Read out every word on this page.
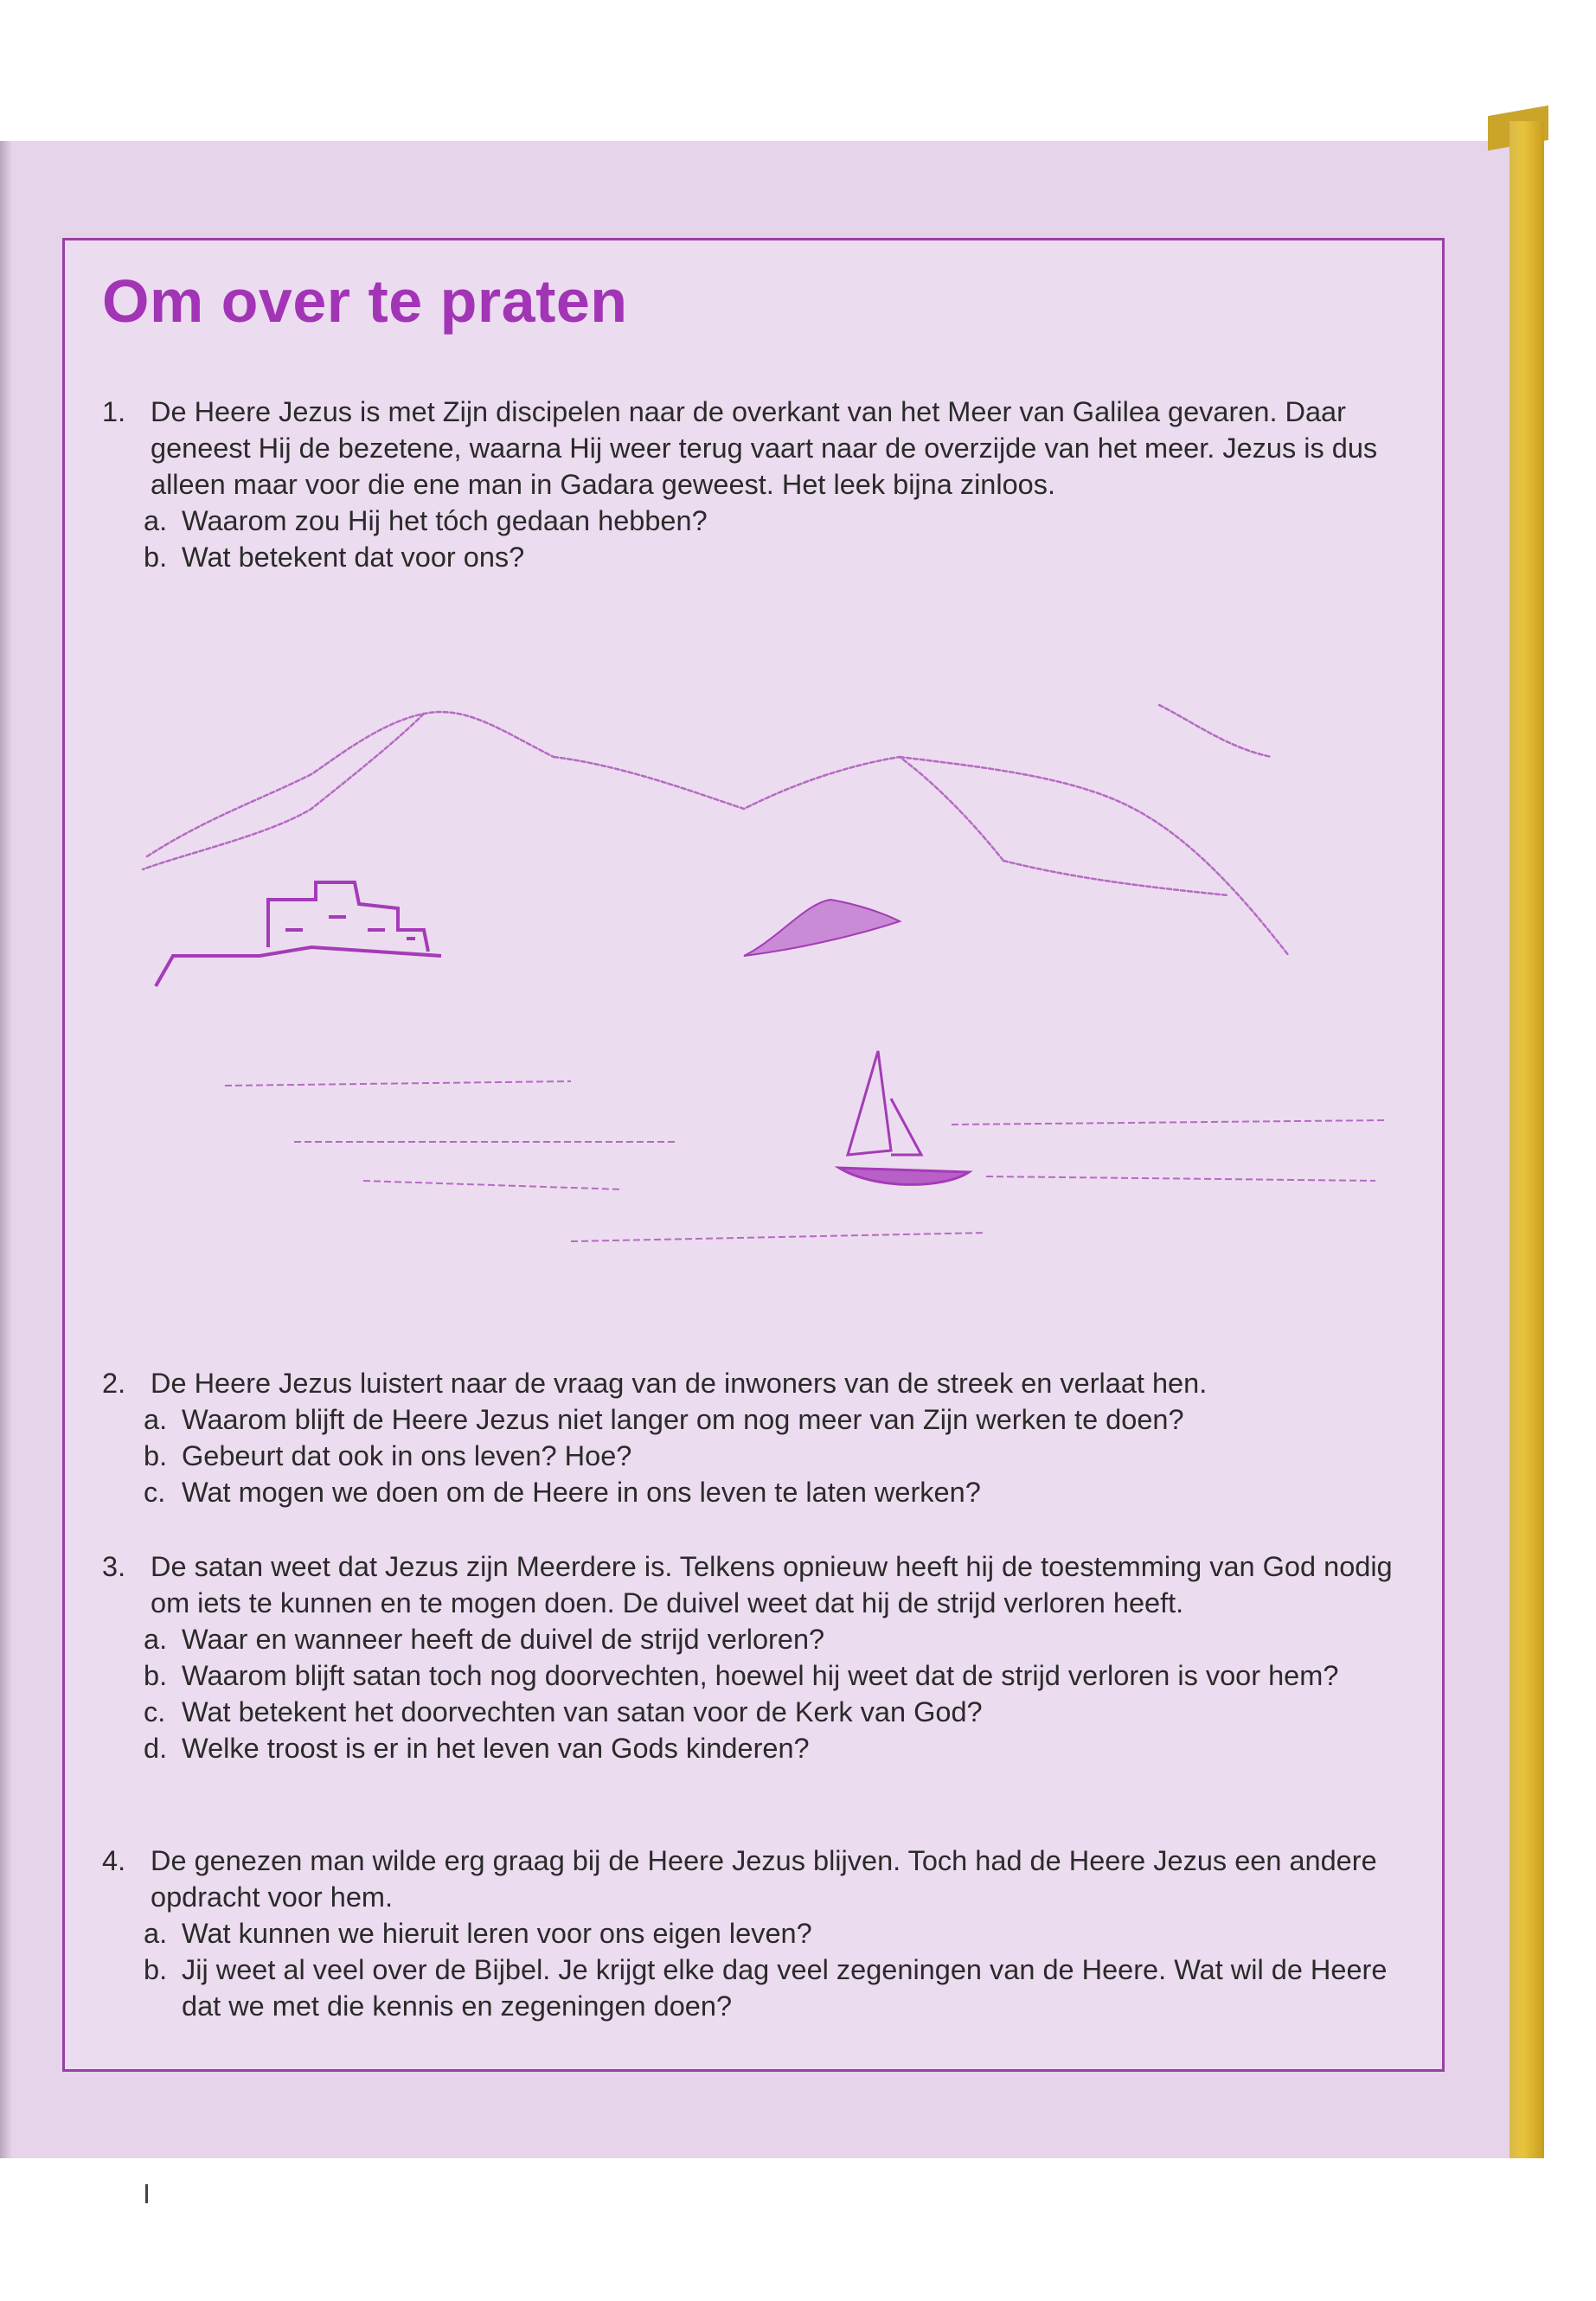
Om over te praten
1. De Heere Jezus is met Zijn discipelen naar de overkant van het Meer van Galilea gevaren. Daar geneest Hij de bezetene, waarna Hij weer terug vaart naar de overzijde van het meer. Jezus is dus alleen maar voor die ene man in Gadara geweest. Het leek bijna zinloos.
a. Waarom zou Hij het tóch gedaan hebben?
b. Wat betekent dat voor ons?
2. De Heere Jezus luistert naar de vraag van de inwoners van de streek en verlaat hen.
a. Waarom blijft de Heere Jezus niet langer om nog meer van Zijn werken te doen?
b. Gebeurt dat ook in ons leven? Hoe?
c. Wat mogen we doen om de Heere in ons leven te laten werken?
3. De satan weet dat Jezus zijn Meerdere is. Telkens opnieuw heeft hij de toestemming van God nodig om iets te kunnen en te mogen doen. De duivel weet dat hij de strijd verloren heeft.
a. Waar en wanneer heeft de duivel de strijd verloren?
b. Waarom blijft satan toch nog doorvechten, hoewel hij weet dat de strijd verloren is voor hem?
c. Wat betekent het doorvechten van satan voor de Kerk van God?
d. Welke troost is er in het leven van Gods kinderen?
4. De genezen man wilde erg graag bij de Heere Jezus blijven. Toch had de Heere Jezus een andere opdracht voor hem.
a. Wat kunnen we hieruit leren voor ons eigen leven?
b. Jij weet al veel over de Bijbel. Je krijgt elke dag veel zegeningen van de Heere. Wat wil de Heere dat we met die kennis en zegeningen doen?
